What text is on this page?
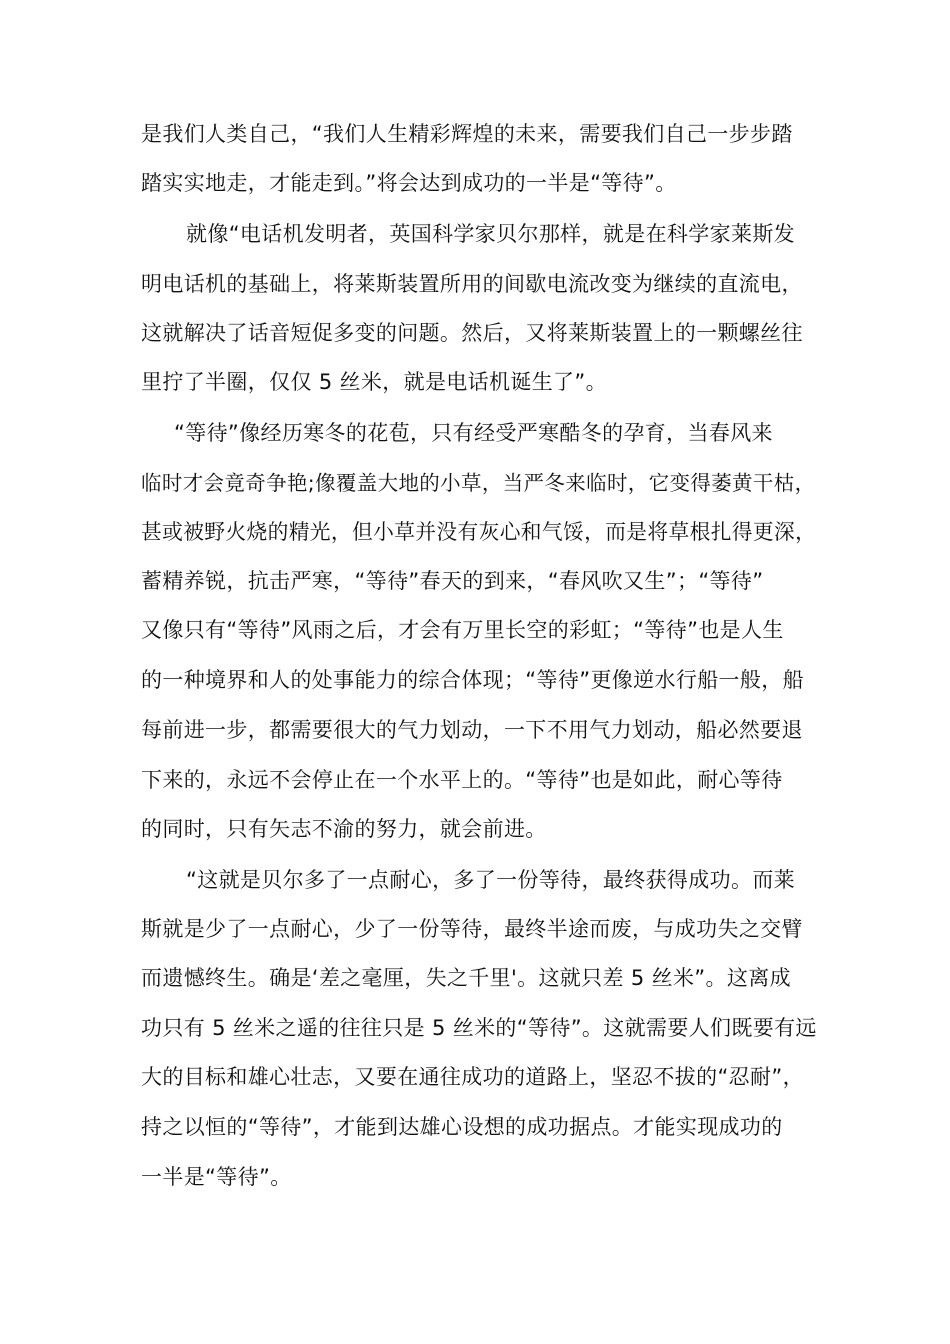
是我们人类自己，“我们人生精彩辉煌的未来，需要我们自己一步步踏
踏实实地走，才能走到。”将会达到成功的一半是“等待”。
就像“电话机发明者，英国科学家贝尔那样，就是在科学家莱斯发
明电话机的基础上，将莱斯装置所用的间歇电流改变为继续的直流电，
这就解决了话音短促多变的问题。然后，又将莱斯装置上的一颗螺丝往
里拧了半圈，仅仅 5 丝米，就是电话机诞生了”。
“等待”像经历寒冬的花苞，只有经受严寒酷冬的孕育，当春风来
临时才会竟奇争艳;像覆盖大地的小草，当严冬来临时，它变得萎黄干枯，
甚或被野火烧的精光，但小草并没有灰心和气馁，而是将草根扎得更深，
蓄精养锐，抗击严寒，“等待”春天的到来，“春风吹又生”；“等待”
又像只有“等待”风雨之后，才会有万里长空的彩虹；“等待”也是人生
的一种境界和人的处事能力的综合体现；“等待”更像逆水行船一般，船
每前进一步，都需要很大的气力划动，一下不用气力划动，船必然要退
下来的，永远不会停止在一个水平上的。“等待”也是如此，耐心等待
的同时，只有矢志不渝的努力，就会前进。
“这就是贝尔多了一点耐心，多了一份等待，最终获得成功。而莱
斯就是少了一点耐心，少了一份等待，最终半途而废，与成功失之交臂
而遗憾终生。确是‘差之毫厘，失之千里'。这就只差 5 丝米”。这离成
功只有 5 丝米之遥的往往只是 5 丝米的“等待”。这就需要人们既要有远
大的目标和雄心壮志，又要在通往成功的道路上，坚忍不拔的“忍耐”，
持之以恒的“等待”，才能到达雄心设想的成功据点。才能实现成功的
一半是“等待”。
